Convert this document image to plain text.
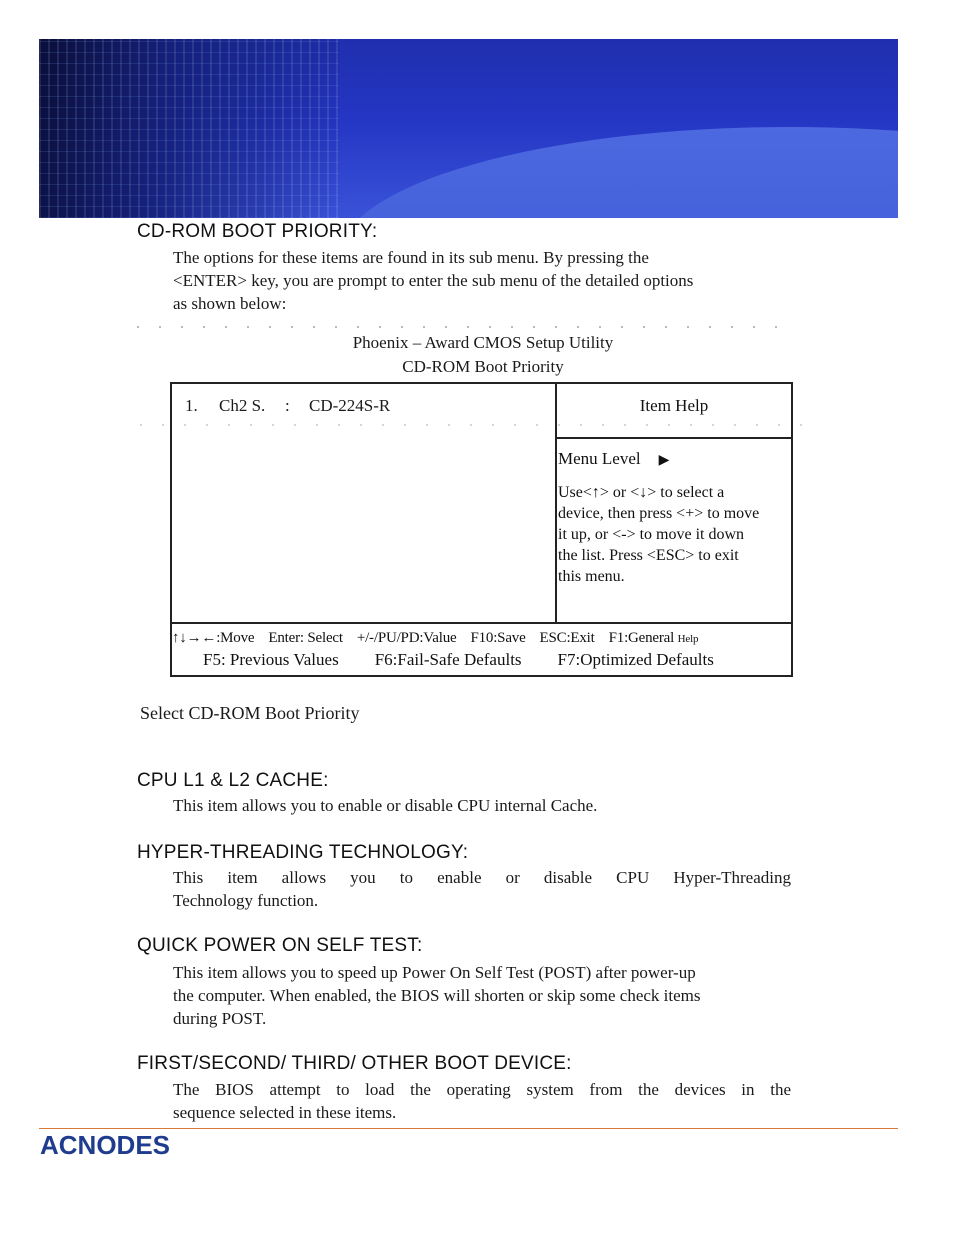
CD-ROM BOOT PRIORITY:
The options for these items are found in its sub menu. By pressing the
<ENTER> key, you are prompt to enter the sub menu of the detailed options
as shown below:
Phoenix – Award CMOS Setup Utility
CD-ROM Boot Priority
1. Ch2 S. : CD-224S-R	Item Help
Menu Level ▶
Use<↑> or <↓> to select a
device, then press <+> to move
it up, or <-> to move it down
the list. Press <ESC> to exit
this menu.
↑↓→←:Move Enter: Select +/-/PU/PD:Value F10:Save ESC:Exit F1:General Help
F5: Previous Values F6:Fail-Safe Defaults F7:Optimized Defaults
Select CD-ROM Boot Priority
CPU L1 & L2 CACHE:
This item allows you to enable or disable CPU internal Cache.
HYPER-THREADING TECHNOLOGY:
This item allows you to enable or disable CPU Hyper-Threading
Technology function.
QUICK POWER ON SELF TEST:
This item allows you to speed up Power On Self Test (POST) after power-up
the computer. When enabled, the BIOS will shorten or skip some check items
during POST.
FIRST/SECOND/ THIRD/ OTHER BOOT DEVICE:
The BIOS attempt to load the operating system from the devices in the
sequence selected in these items.
ACNODES
